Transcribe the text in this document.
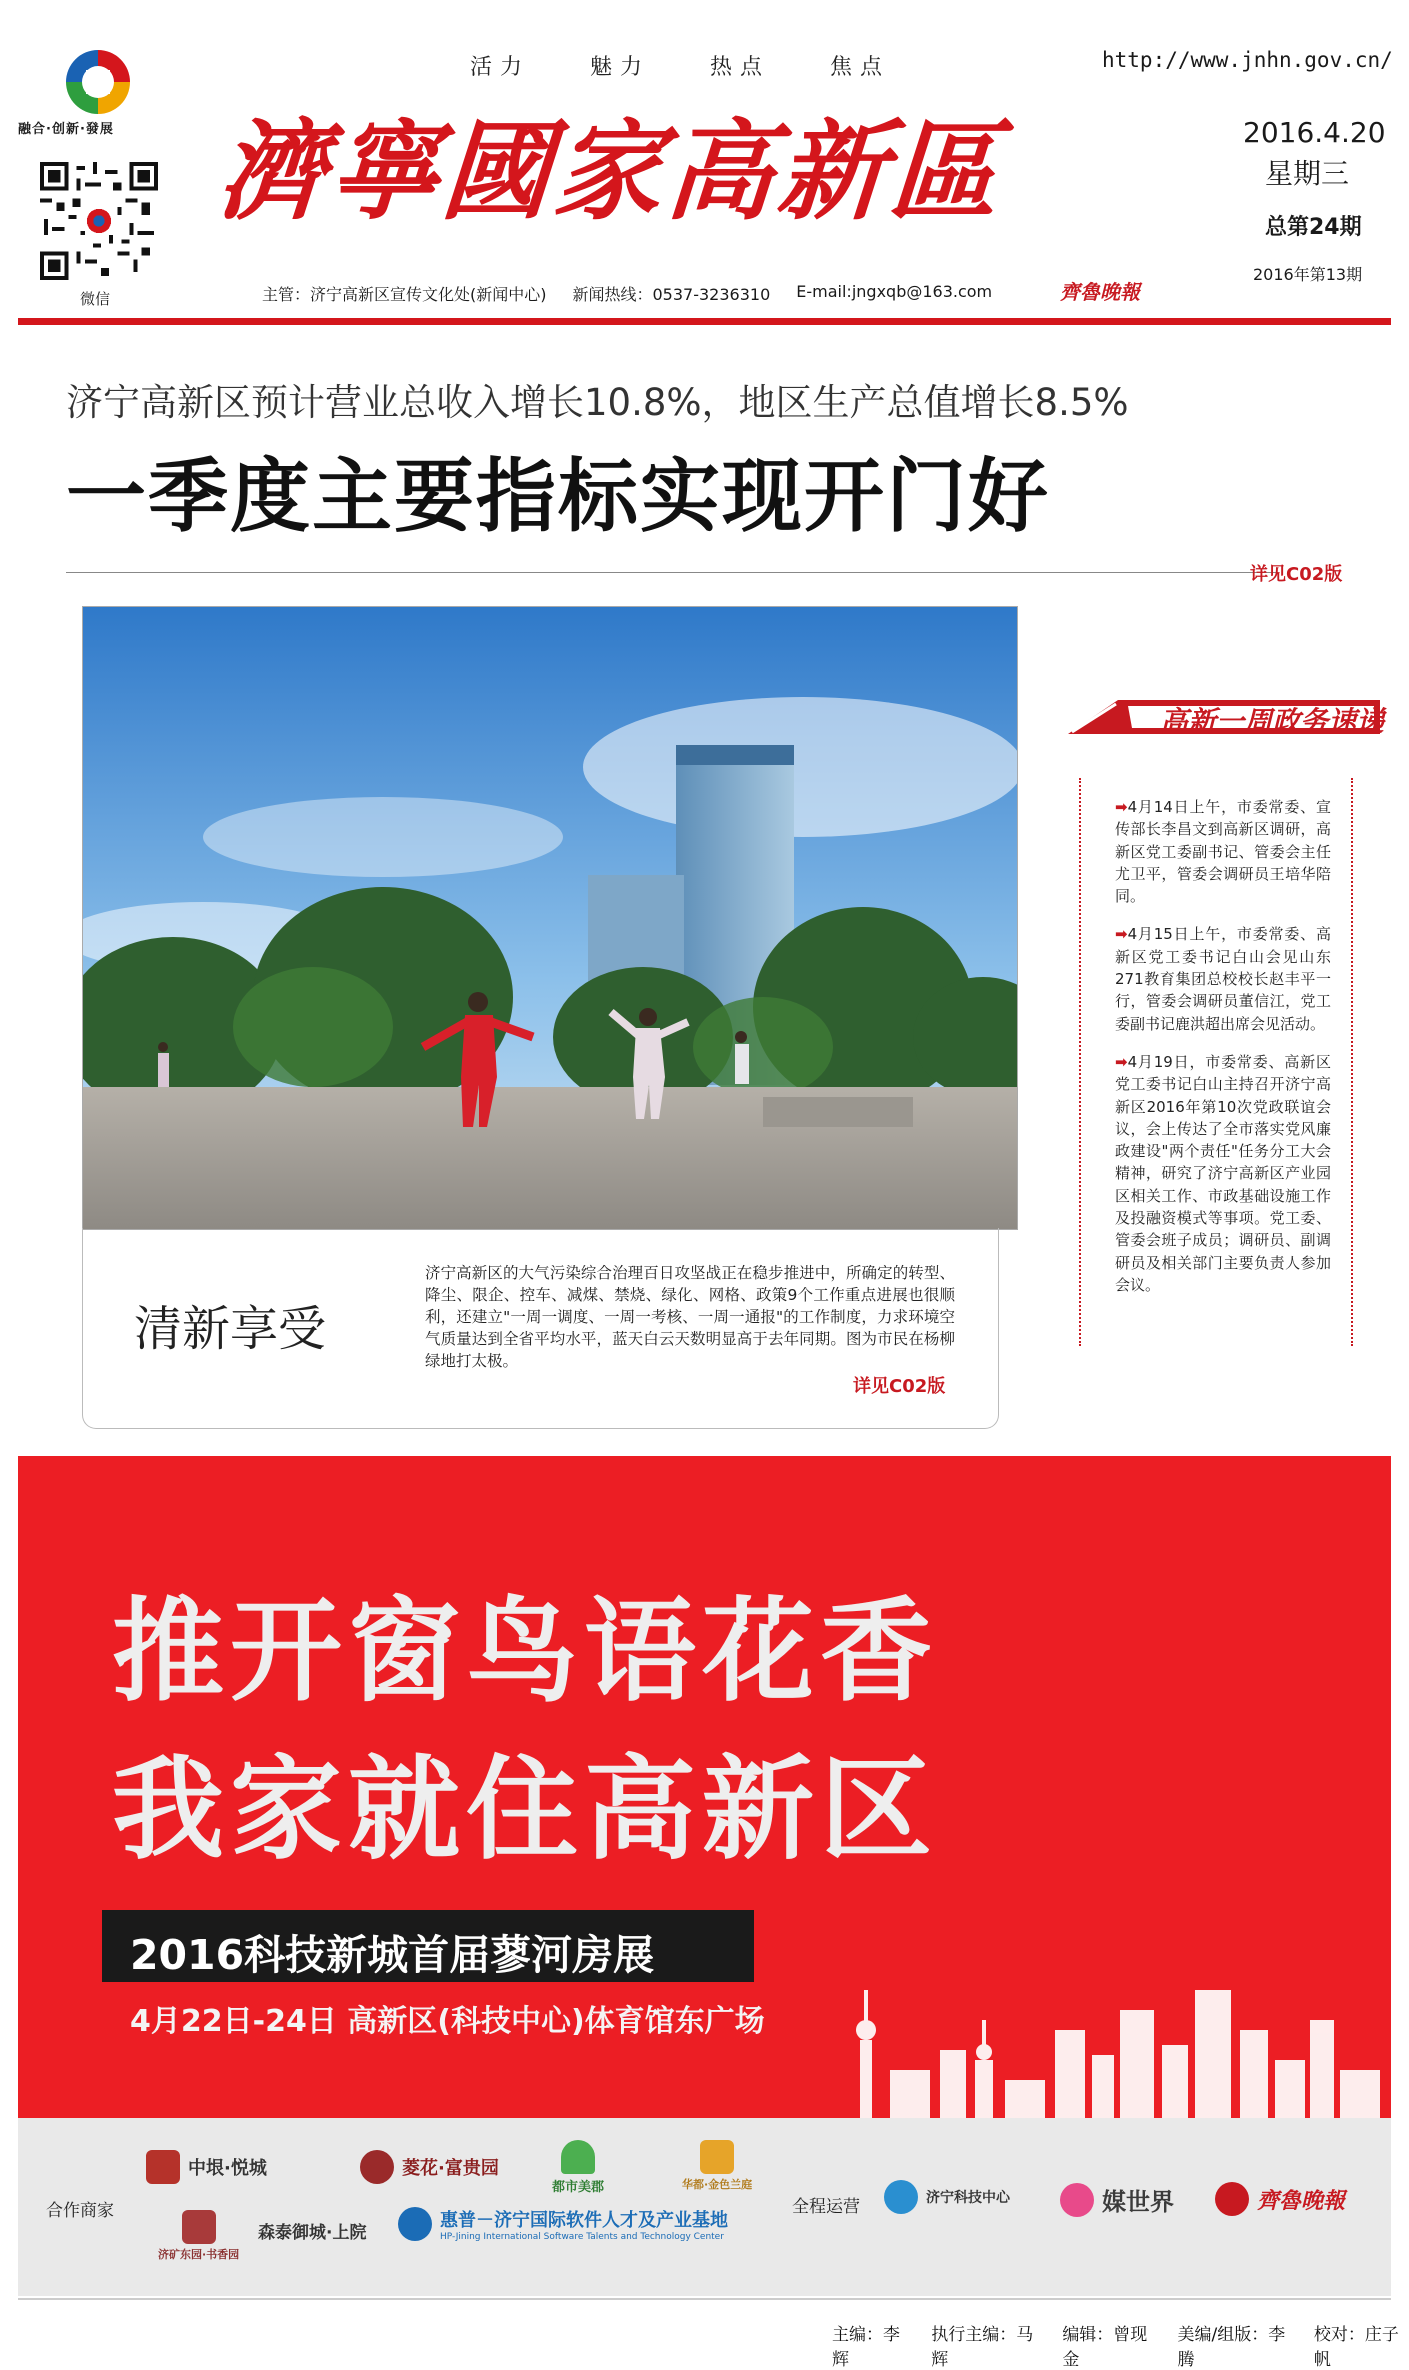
融合·创新·發展
微信
活力	魅力	热点	焦点	http://www.jnhn.gov.cn/
濟寧國家高新區	2016.4.20
星期三
总第24期
2016年第13期
主管：济宁高新区宣传文化处(新闻中心) 新闻热线：0537-3236310 E-mail:jngxqb@163.com	齊魯晚報
济宁高新区预计营业总收入增长10.8%，地区生产总值增长8.5%
一季度主要指标实现开门好
详见C02版
清新享受
济宁高新区的大气污染综合治理百日攻坚战正在稳步推进中，所确定的转型、降尘、限企、控车、减煤、禁烧、绿化、网格、政策9个工作重点进展也很顺利，还建立"一周一调度、一周一考核、一周一通报"的工作制度，力求环境空气质量达到全省平均水平，蓝天白云天数明显高于去年同期。图为市民在杨柳绿地打太极。
详见C02版
高新一周政务速递
➡4月14日上午，市委常委、宣传部长李昌文到高新区调研，高新区党工委副书记、管委会主任尤卫平，管委会调研员王培华陪同。
➡4月15日上午，市委常委、高新区党工委书记白山会见山东271教育集团总校校长赵丰平一行，管委会调研员董信江，党工委副书记鹿洪超出席会见活动。
➡4月19日，市委常委、高新区党工委书记白山主持召开济宁高新区2016年第10次党政联谊会议，会上传达了全市落实党风廉政建设"两个责任"任务分工大会精神，研究了济宁高新区产业园区相关工作、市政基础设施工作及投融资模式等事项。党工委、管委会班子成员；调研员、副调研员及相关部门主要负责人参加会议。
推开窗鸟语花香
我家就住高新区
2016科技新城首届蓼河房展
4月22日-24日 高新区(科技中心)体育馆东广场
合作商家	全程运营
中垠·悦城	菱花·富贵园
都市美郡	华都·金色兰庭
济矿东园·书香园
森泰御城·上院
惠普－济宁国际软件人才及产业基地
HP-Jining International Software Talents and Technology Center
济宁科技中心	媒世界	齊魯晚報
主编：李辉
执行主编：马辉
编辑：曾现金
美编/组版：李腾
校对：庄子帆
